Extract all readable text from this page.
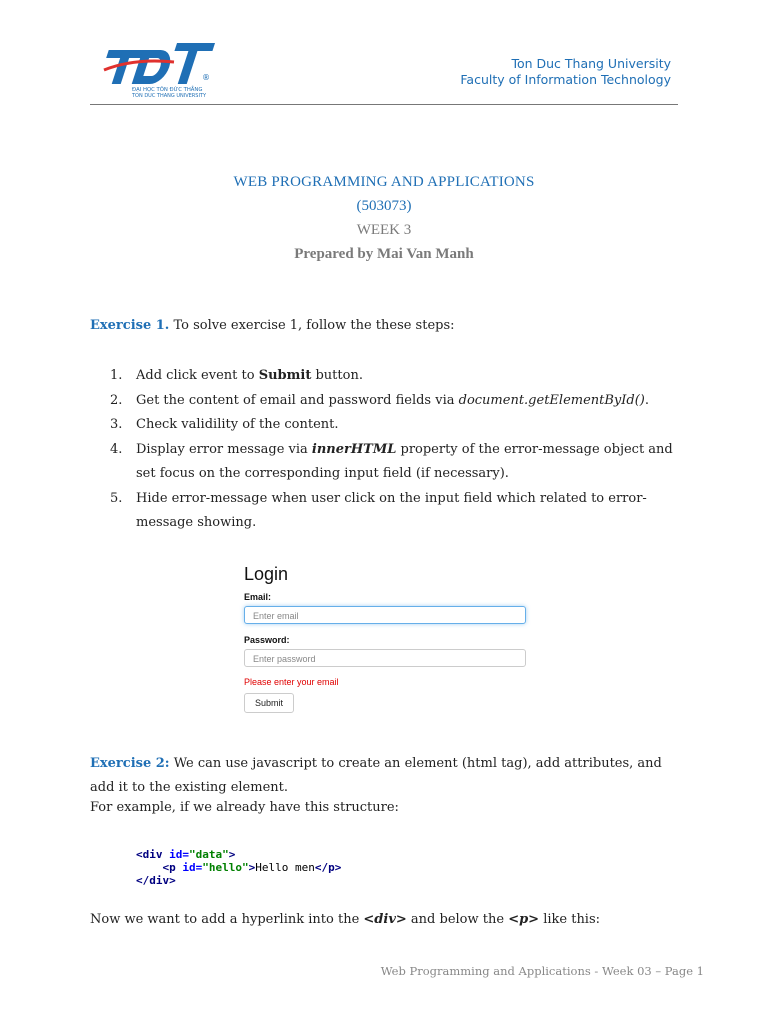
®
ĐẠI HỌC TÔN ĐỨC THẮNG
TON DUC THANG UNIVERSITY
Ton Duc Thang University
Faculty of Information Technology
WEB PROGRAMMING AND APPLICATIONS
(503073)
WEEK 3
Prepared by Mai Van Manh
Exercise 1. To solve exercise 1, follow the these steps:
1. Add click event to Submit button.
2. Get the content of email and password fields via document.getElementById().
3. Check validility of the content.
4. Display error message via innerHTML property of the error-message object and set focus on the corresponding input field (if necessary).
5. Hide error-message when user click on the input field which related to error-message showing.
Login
Email:
Enter email
Password:
Enter password
Please enter your email
Submit
Exercise 2: We can use javascript to create an element (html tag), add attributes, and add it to the existing element.
For example, if we already have this structure:
<div id="data">
<p id="hello">Hello men</p>
</div>
Now we want to add a hyperlink into the <div> and below the <p> like this:
Web Programming and Applications - Week 03 – Page 1
